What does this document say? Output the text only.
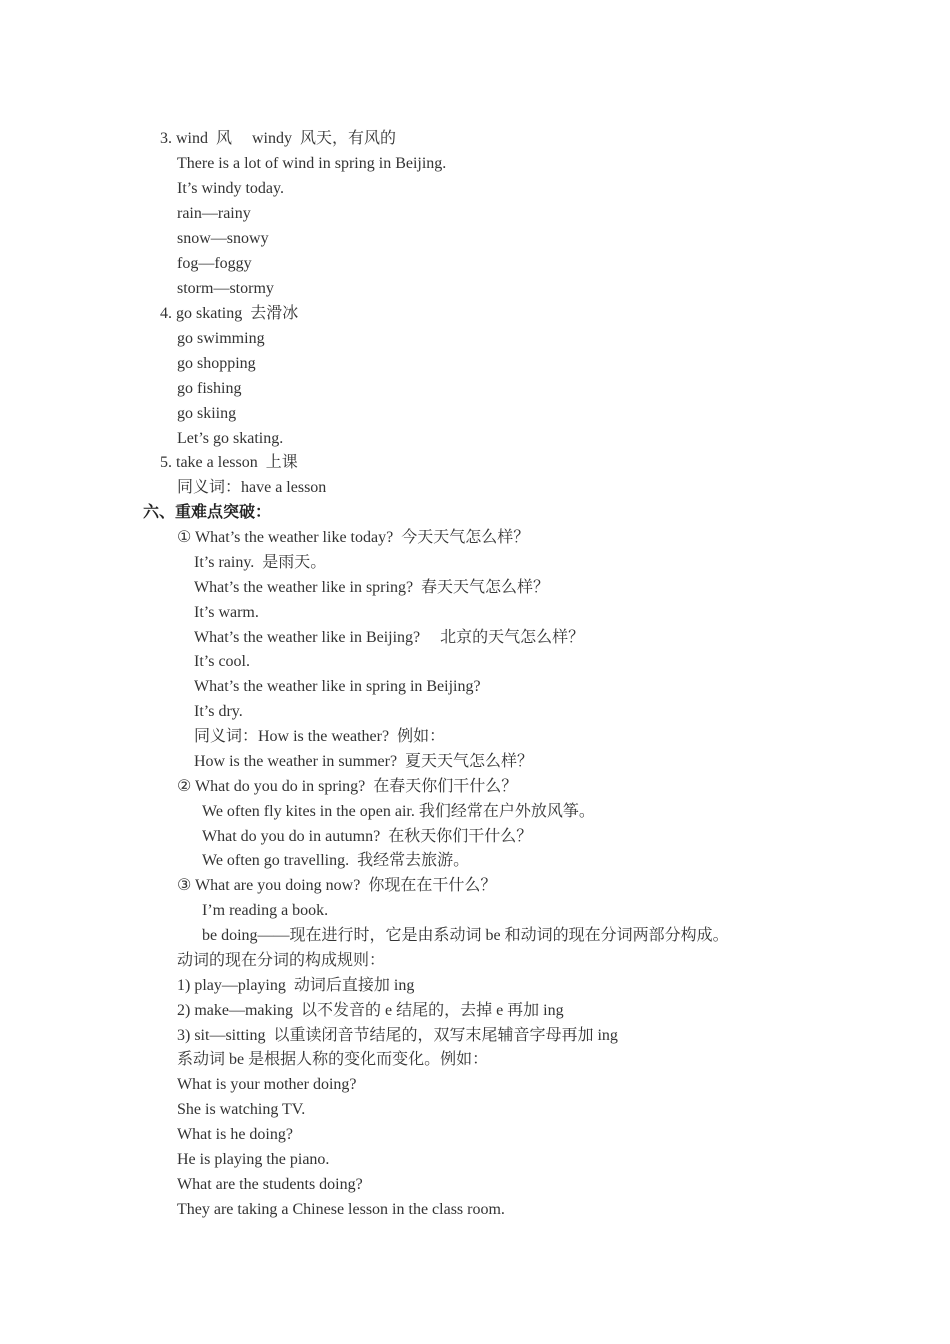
3. wind  风     windy  风天，有风的
There is a lot of wind in spring in Beijing.
It’s windy today.
rain—rainy
snow—snowy
fog—foggy
storm—stormy
4. go skating  去滑冰
go swimming
go shopping
go fishing
go skiing
Let’s go skating.
5. take a lesson  上课
同义词：have a lesson
六、重难点突破：
① What’s the weather like today?  今天天气怎么样？
It’s rainy.  是雨天。
What’s the weather like in spring?  春天天气怎么样？
It’s warm.
What’s the weather like in Beijing?     北京的天气怎么样？
It’s cool.
What’s the weather like in spring in Beijing?
It’s dry.
同义词：How is the weather?  例如：
How is the weather in summer?  夏天天气怎么样？
② What do you do in spring?  在春天你们干什么？
We often fly kites in the open air. 我们经常在户外放风筝。
What do you do in autumn?  在秋天你们干什么？
We often go travelling.  我经常去旅游。
③ What are you doing now?  你现在在干什么？
I’m reading a book.
be doing——现在进行时，它是由系动词 be 和动词的现在分词两部分构成。
动词的现在分词的构成规则：
1) play—playing  动词后直接加 ing
2) make—making  以不发音的 e 结尾的，去掉 e 再加 ing
3) sit—sitting  以重读闭音节结尾的，双写末尾辅音字母再加 ing
系动词 be 是根据人称的变化而变化。例如：
What is your mother doing?
She is watching TV.
What is he doing?
He is playing the piano.
What are the students doing?
They are taking a Chinese lesson in the class room.
